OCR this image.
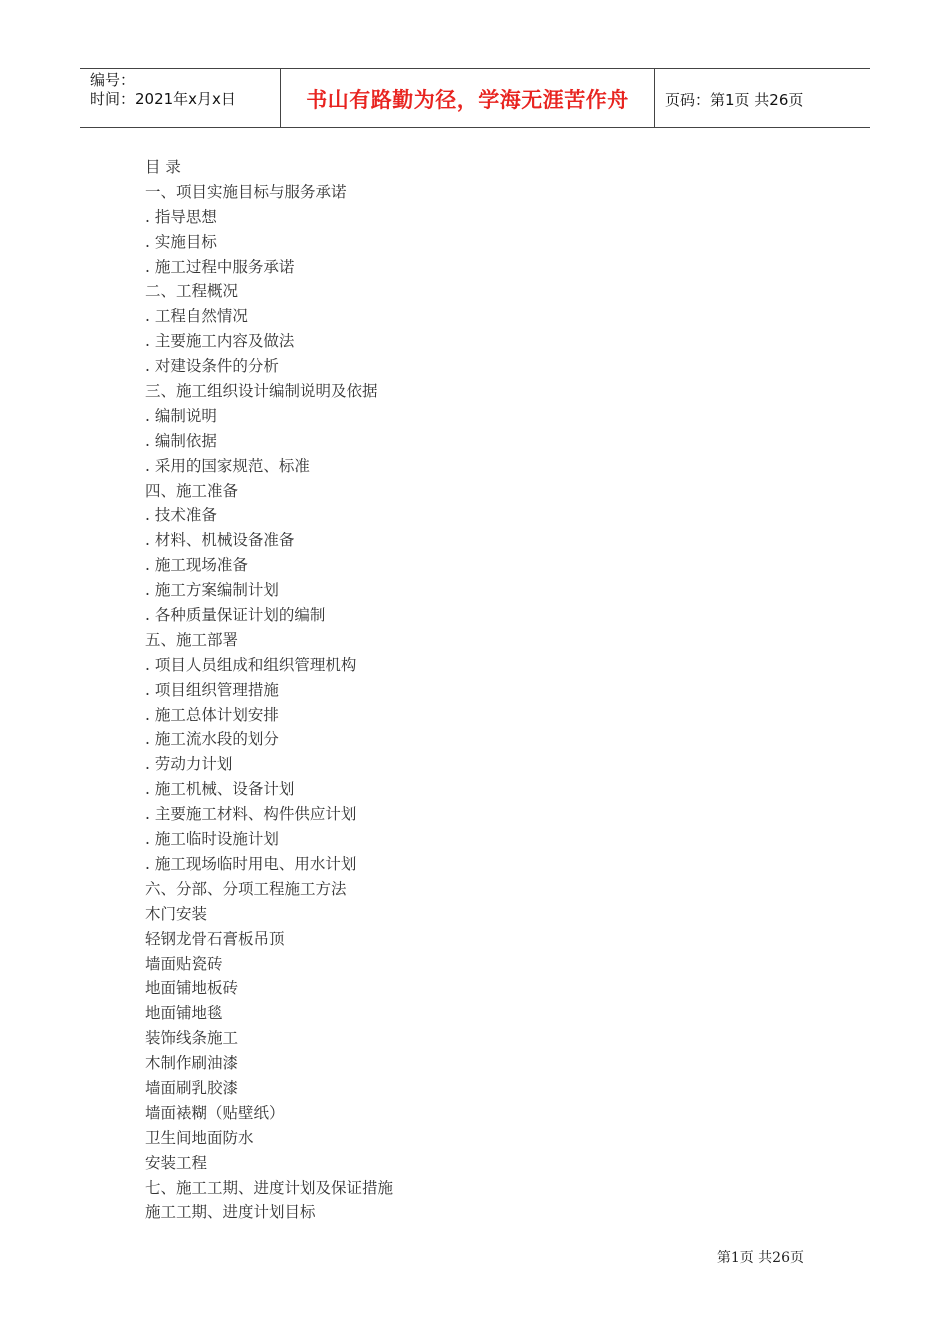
编号：
时间：2021年x月x日	书山有路勤为径，学海无涯苦作舟	页码：第1页 共26页
目 录
一、项目实施目标与服务承诺
. 指导思想
. 实施目标
. 施工过程中服务承诺
二、工程概况
. 工程自然情况
. 主要施工内容及做法
. 对建设条件的分析
三、施工组织设计编制说明及依据
. 编制说明
. 编制依据
. 采用的国家规范、标准
四、施工准备
. 技术准备
. 材料、机械设备准备
. 施工现场准备
. 施工方案编制计划
. 各种质量保证计划的编制
五、施工部署
. 项目人员组成和组织管理机构
. 项目组织管理措施
. 施工总体计划安排
. 施工流水段的划分
. 劳动力计划
. 施工机械、设备计划
. 主要施工材料、构件供应计划
. 施工临时设施计划
. 施工现场临时用电、用水计划
六、分部、分项工程施工方法
木门安装
轻钢龙骨石膏板吊顶
墙面贴瓷砖
地面铺地板砖
地面铺地毯
装饰线条施工
木制作刷油漆
墙面刷乳胶漆
墙面裱糊（贴壁纸）
卫生间地面防水
安装工程
七、施工工期、进度计划及保证措施
施工工期、进度计划目标
第1页 共26页
